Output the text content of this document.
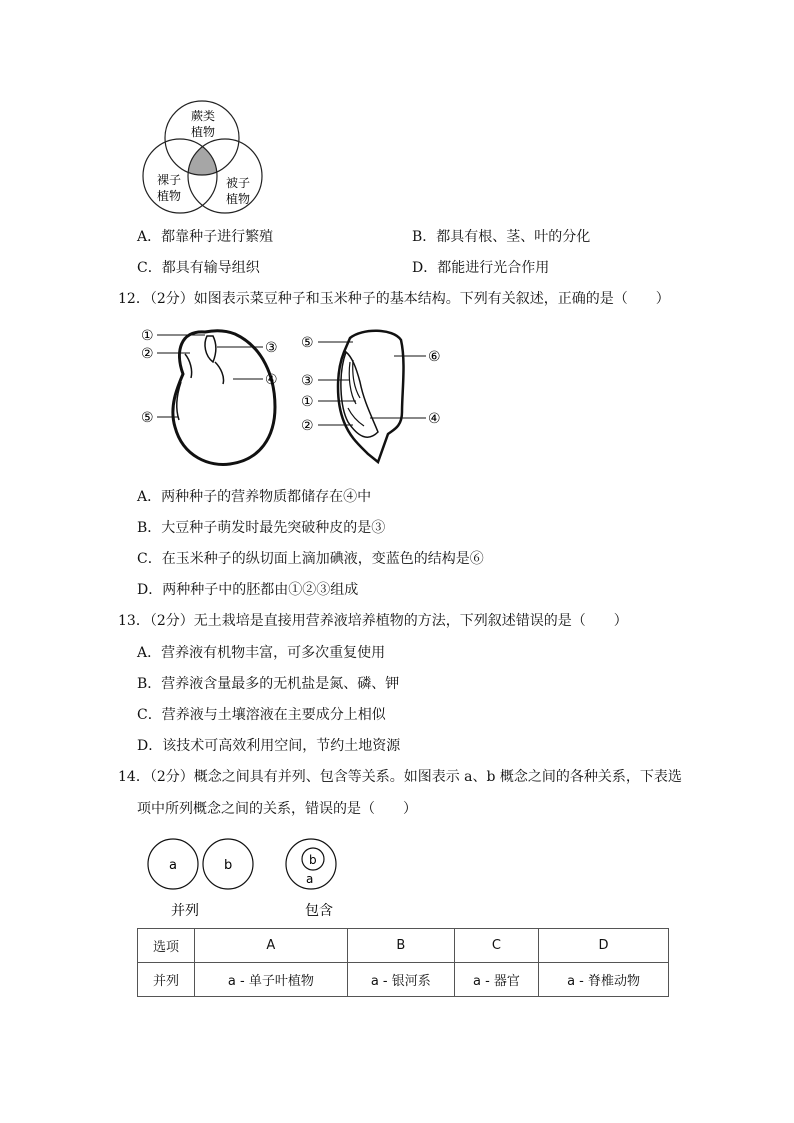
蕨类
植物
裸子
植物
被子
植物
A．都靠种子进行繁殖	B．都具有根、茎、叶的分化
C．都具有输导组织	D．都能进行光合作用
12．（2分）如图表示菜豆种子和玉米种子的基本结构。下列有关叙述，正确的是（　　）
①
②	③
④
⑤
⑤
⑥
③
①
②	④
A．两种种子的营养物质都储存在④中
B．大豆种子萌发时最先突破种皮的是③
C．在玉米种子的纵切面上滴加碘液，变蓝色的结构是⑥
D．两种种子中的胚都由①②③组成
13．（2分）无土栽培是直接用营养液培养植物的方法，下列叙述错误的是（　　）
A．营养液有机物丰富，可多次重复使用
B．营养液含量最多的无机盐是氮、磷、钾
C．营养液与土壤溶液在主要成分上相似
D．该技术可高效利用空间，节约土地资源
14．（2分）概念之间具有并列、包含等关系。如图表示 a、b 概念之间的各种关系，下表选
项中所列概念之间的关系，错误的是（　　）
a	b
并列
b
a
包含
选项	A	B	C	D
并列	a - 单子叶植物	a - 银河系	a - 器官	a - 脊椎动物
